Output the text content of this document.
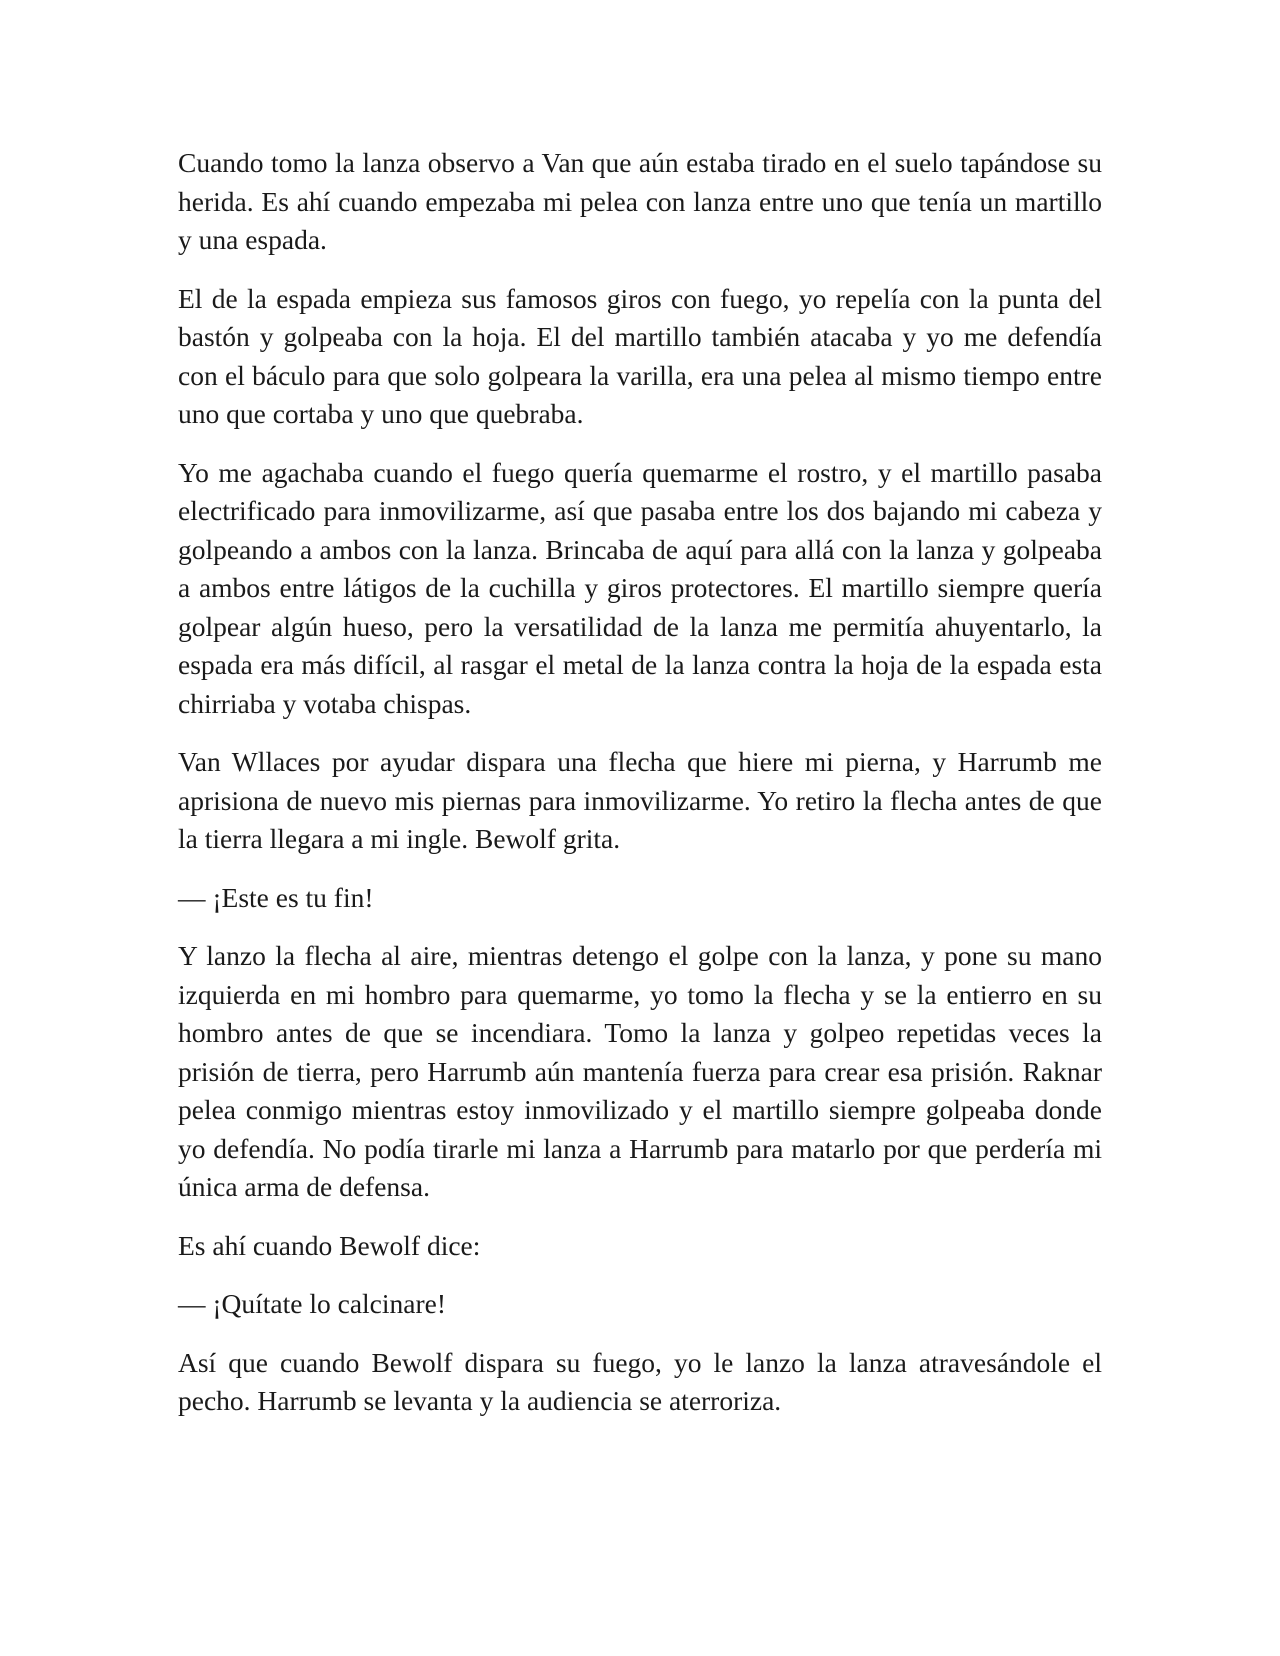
Cuando tomo la lanza observo a Van que aún estaba tirado en el suelo tapándose su herida. Es ahí cuando empezaba mi pelea con lanza entre uno que tenía un martillo y una espada.

El de la espada empieza sus famosos giros con fuego, yo repelía con la punta del bastón y golpeaba con la hoja. El del martillo también atacaba y yo me defendía con el báculo para que solo golpeara la varilla, era una pelea al mismo tiempo entre uno que cortaba y uno que quebraba.

Yo me agachaba cuando el fuego quería quemarme el rostro, y el martillo pasaba electrificado para inmovilizarme, así que pasaba entre los dos bajando mi cabeza y golpeando a ambos con la lanza. Brincaba de aquí para allá con la lanza y golpeaba a ambos entre látigos de la cuchilla y giros protectores. El martillo siempre quería golpear algún hueso, pero la versatilidad de la lanza me permitía ahuyentarlo, la espada era más difícil, al rasgar el metal de la lanza contra la hoja de la espada esta chirriaba y votaba chispas.

Van Wllaces por ayudar dispara una flecha que hiere mi pierna, y Harrumb me aprisiona de nuevo mis piernas para inmovilizarme. Yo retiro la flecha antes de que la tierra llegara a mi ingle. Bewolf grita.

— ¡Este es tu fin!

Y lanzo la flecha al aire, mientras detengo el golpe con la lanza, y pone su mano izquierda en mi hombro para quemarme, yo tomo la flecha y se la entierro en su hombro antes de que se incendiara. Tomo la lanza y golpeo repetidas veces la prisión de tierra, pero Harrumb aún mantenía fuerza para crear esa prisión. Raknar pelea conmigo mientras estoy inmovilizado y el martillo siempre golpeaba donde yo defendía. No podía tirarle mi lanza a Harrumb para matarlo por que perdería mi única arma de defensa.

Es ahí cuando Bewolf dice:

— ¡Quítate lo calcinare!

Así que cuando Bewolf dispara su fuego, yo le lanzo la lanza atravesándole el pecho. Harrumb se levanta y la audiencia se aterroriza.
